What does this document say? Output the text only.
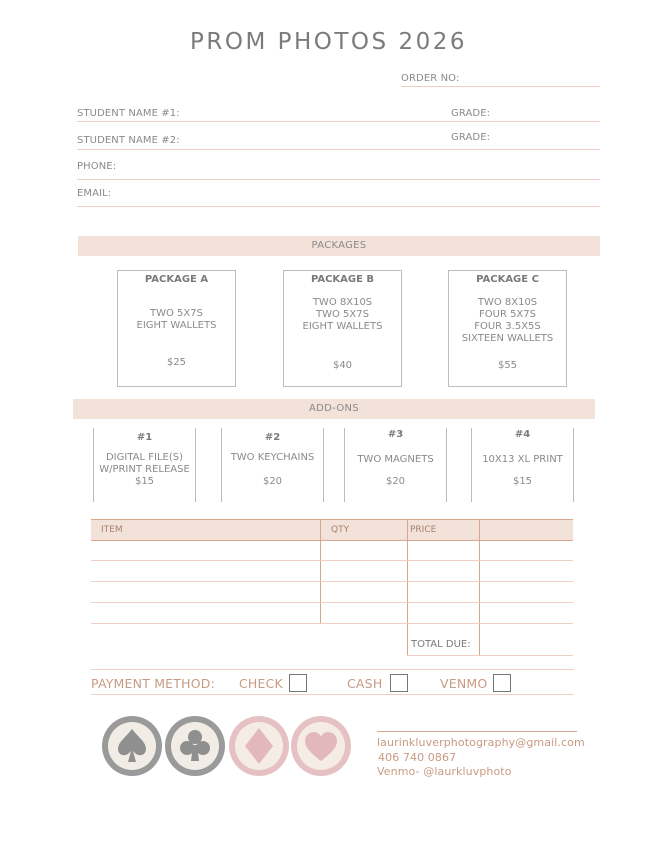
PROM PHOTOS 2026
ORDER NO:
STUDENT NAME #1:	GRADE:
STUDENT NAME #2:	GRADE:
PHONE:
EMAIL:
PACKAGES
PACKAGE A
TWO 5X7S
EIGHT WALLETS
$25
PACKAGE B
TWO 8X10S
TWO 5X7S
EIGHT WALLETS
$40
PACKAGE C
TWO 8X10S
FOUR 5X7S
FOUR 3.5X5S
SIXTEEN WALLETS
$55
ADD-ONS
#1
DIGITAL FILE(S)
W/PRINT RELEASE
$15
#2
TWO KEYCHAINS
$20
#3
TWO MAGNETS
$20
#4
10X13 XL PRINT
$15
ITEM	QTY	PRICE
TOTAL DUE:
PAYMENT METHOD: CHECK	CASH	VENMO
laurinkluverphotography@gmail.com
406 740 0867
Venmo- @laurkluvphoto
